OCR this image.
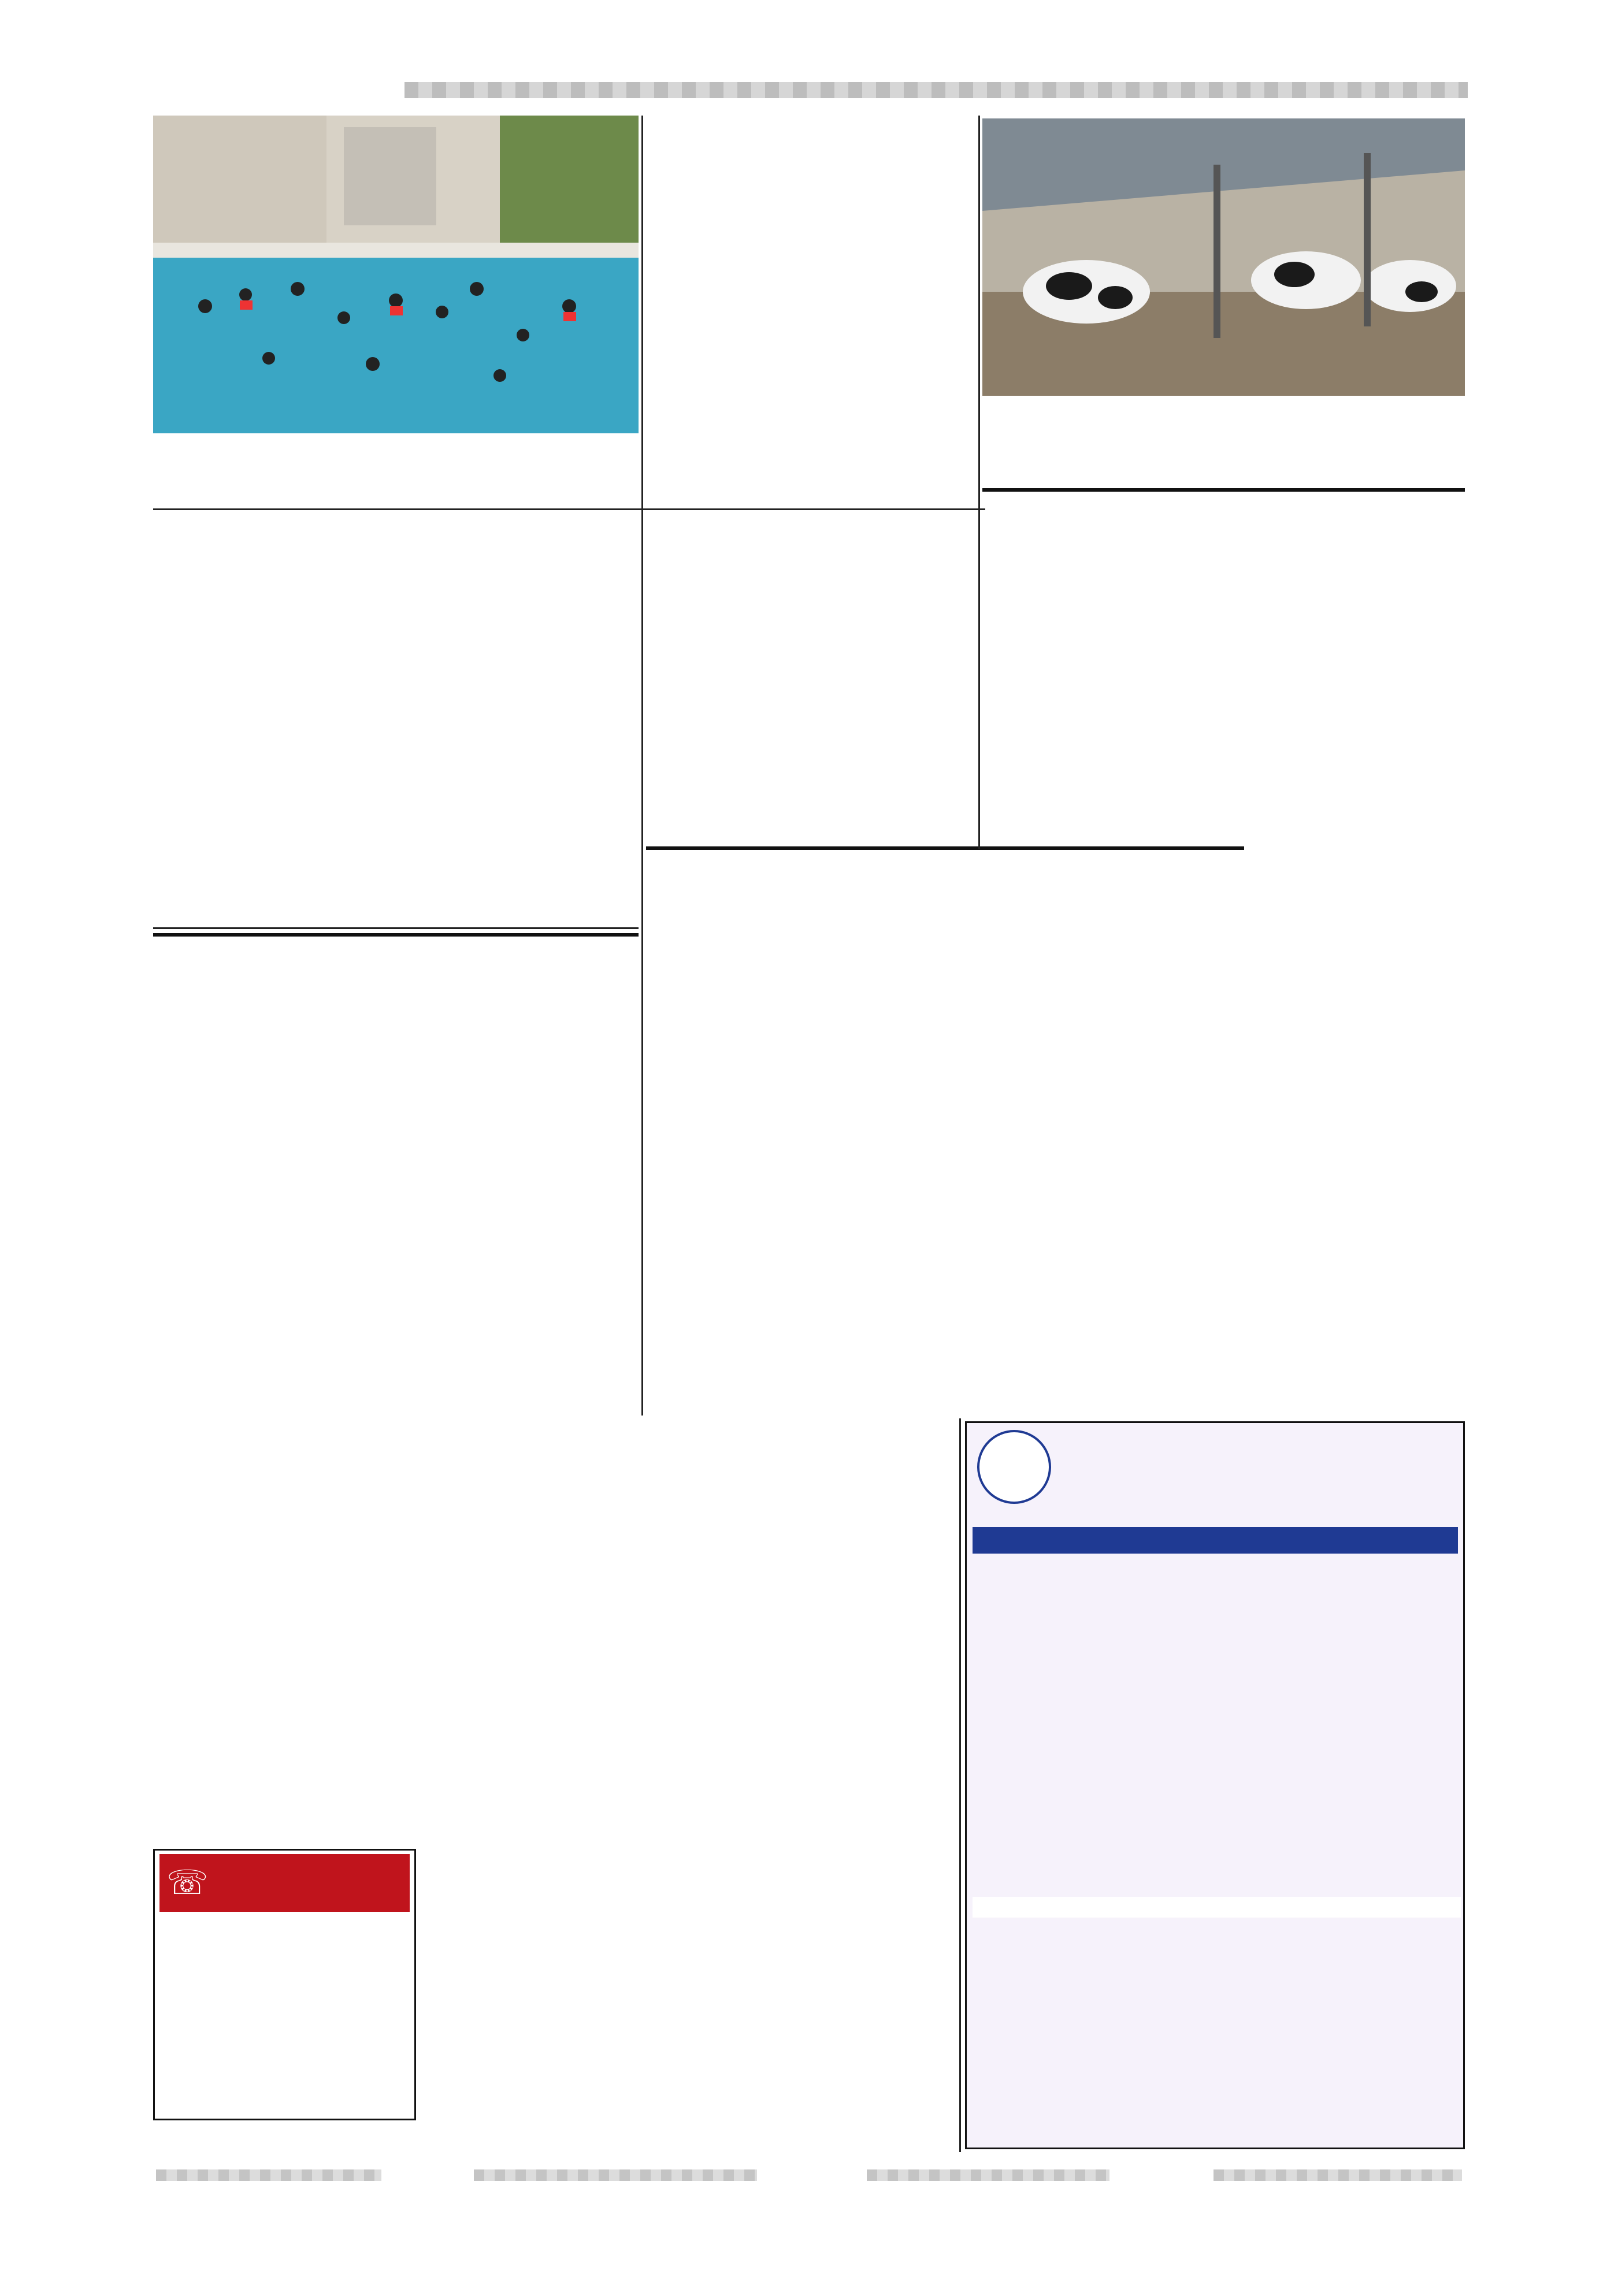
☏
